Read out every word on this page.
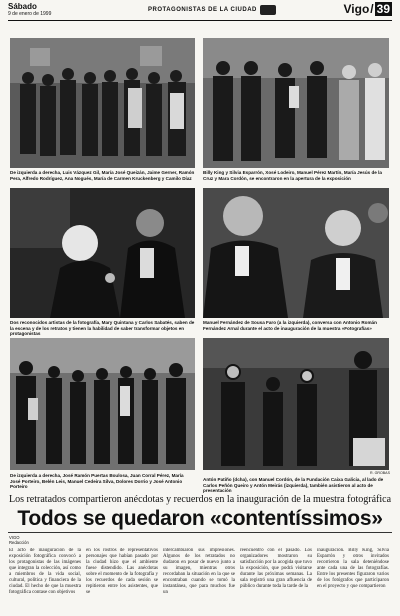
Sábado
9 de enero de 1999
PROTAGONISTAS DE LA CIUDAD	Vigo/ 39
De izquierda a derecha, Luis Vázquez Gil, María José Queizán, Jaime Gerner, Ramón Pera, Alfredo Rodríguez, Ana Nogués, María de Carmen Kruckenberg y Camilo Díaz
Billy King y Silvia Esparrón, Xosé Lodeiro, Manuel Pérez Martín, María Jesús de la Cruz y Mara Cordón, se encontraron en la apertura de la exposición
Dos reconocidos artistas de la fotografía, Mary Quintana y Carlos Sabatés, saben de la escena y de los retratos y tienen la habilidad de saber transformar objetos en protagonistas
Manuel Fernández de Sousa Faro (a la izquierda), conversa con Antonio Román Fernández Arnal durante el acto de inauguración de la muestra «Fotografías»
R. GROBAS
De izquierda a derecha, José Ramón Puertas Boulosa, Juan Corral Pérez, María José Porteiro, Belén Leis, Manuel Cedeira Silva, Dolores Dorrio y José Antonio Porteiro
Antón Patiño (dcha), con Manuel Cordón, de la Fundación Caixa Galicia, al lado de Carlos Peñón Queiro y Antón Meirás (izquierda), también asistieron al acto de presentación
Los retratados compartieron anécdotas y recuerdos en la inauguración de la muestra fotográfica
Todos se quedaron «contentíssimos»
VIGO
Redacción
El acto de inauguración de la exposición fotográfica convocó a los protagonistas de las imágenes que integran la colección, así como a miembros de la vida social, cultural, política y financiera de la ciudad. El hecho de que la muestra fotográfica contase con objetivos
en los rostros de representativos personajes que habían pasado por la ciudad hizo que el ambiente fuese distendido. Las anécdotas sobre el momento de la fotografía y los recuerdos de cada sesión se repitieron entre los asistentes, que se
intercambiaron sus impresiones. Algunos de los retratados no dudaron en posar de nuevo junto a su imagen, mientras otros recordaban la situación en la que se encontraban cuando se tomó la instantánea, que para muchos fue un
reencuentro con el pasado. Los organizadores mostraron su satisfacción por la acogida que tuvo la exposición, que podrá visitarse durante las próximas semanas. La sala registró una gran afluencia de público durante toda la tarde de la
inauguración. Billy King, Silvia Esparrón y otros invitados recorrieron la sala deteniéndose ante cada una de las fotografías. Entre los presentes figuraron varios de los fotógrafos que participaron en el proyecto y que compartieron
